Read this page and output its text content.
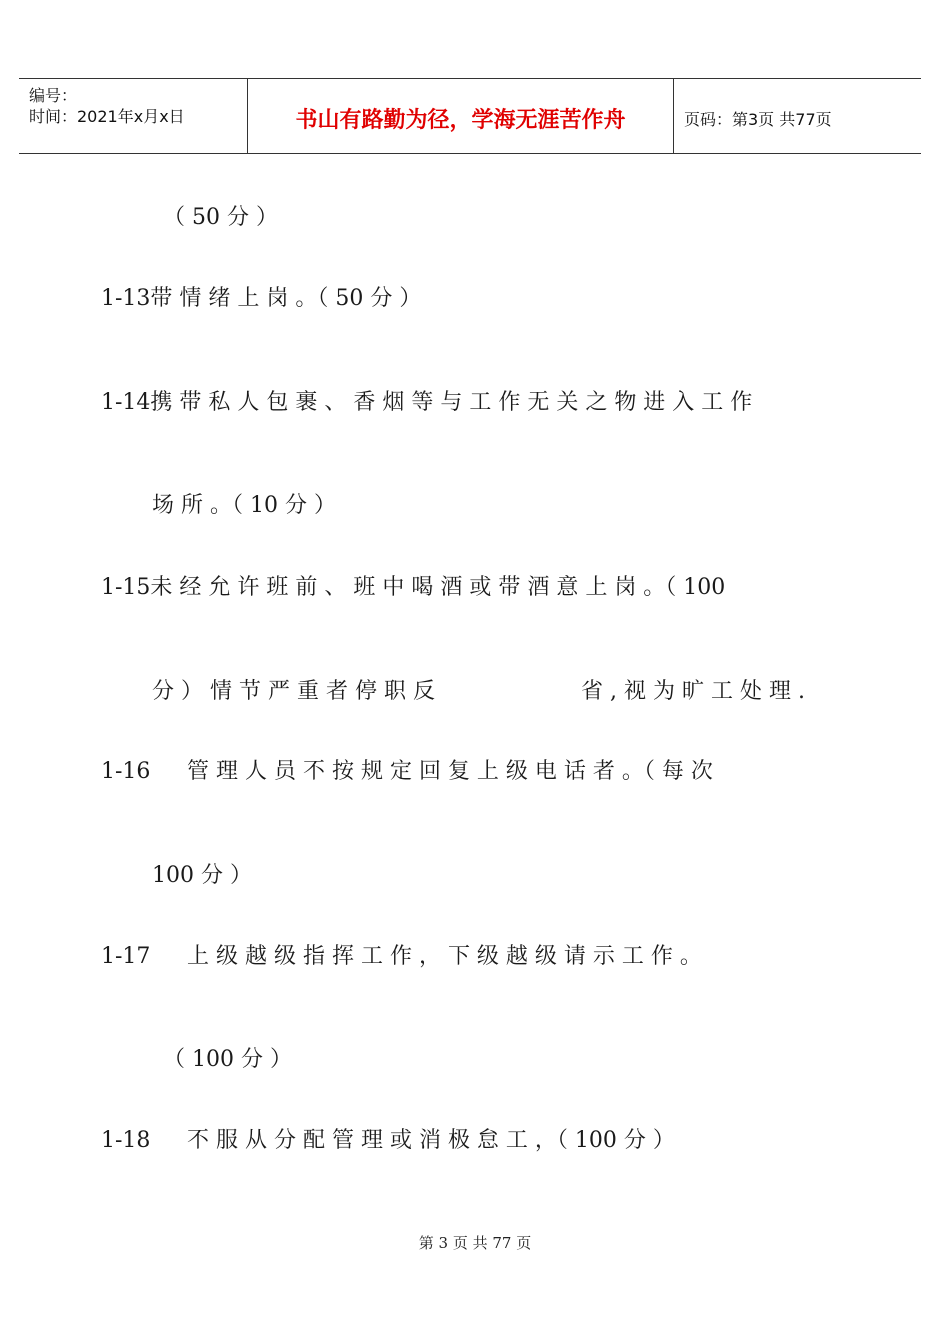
编号：
时间：2021年x月x日	书山有路勤为径，学海无涯苦作舟	页码：第3页 共77页
（ 50 分 ）
1-13带 情 绪 上 岗 。（ 50 分 ）
1-14携 带 私 人 包 裹 、 香 烟 等 与 工 作 无 关 之 物 进 入 工 作
场 所 。（ 10 分 ）
1-15未 经 允 许 班 前 、 班 中 喝 酒 或 带 酒 意 上 岗 。（ 100
分 ） 情 节 严 重 者 停 职 反	省 , 视 为 旷 工 处 理 .
1-16 管 理 人 员 不 按 规 定 回 复 上 级 电 话 者 。（ 每 次
100 分 ）
1-17 上 级 越 级 指 挥 工 作 ， 下 级 越 级 请 示 工 作 。
（ 100 分 ）
1-18 不 服 从 分 配 管 理 或 消 极 怠 工 ，（ 100 分 ）
第 3 页 共 77 页
